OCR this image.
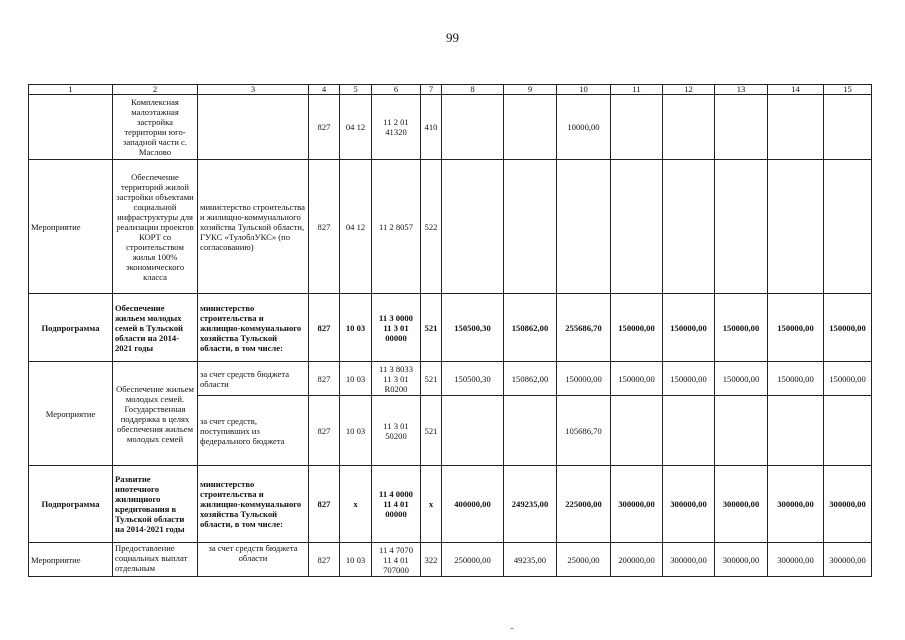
99
1	2	3	4	5	6	7	8	9	10	11	12	13	14	15
	Комплексная малоэтажная застройка территории юго-западной части с. Маслово		827	04 12	11 2 01 41320	410			10000,00					
Мероприятие	Обеспечение территорий жилой застройки объектами социальной инфраструктуры для реализации проектов КОРТ со строительством жилья 100% экономического класса	министерство строительства и жилищно-коммунального хозяйства Тульской области, ГУКС «ТулоблУКС» (по согласованию)	827	04 12	11 2 8057	522								
Подпрограмма	Обеспечение жильем молодых семей в Тульской области на 2014-2021 годы	министерство строительства и жилищно-коммунального хозяйства Тульской области, в том числе:	827	10 03	11 3 0000 11 3 01 00000	521	150500,30	150862,00	255686,70	150000,00	150000,00	150000,00	150000,00	150000,00
Мероприятие	Обеспечение жильем молодых семей. Государственная поддержка в целях обеспечения жильем молодых семей	за счет средств бюджета области	827	10 03	11 3 8033 11 3 01 R0200	521	150500,30	150862,00	150000,00	150000,00	150000,00	150000,00	150000,00	150000,00
		за счет средств, поступивших из федерального бюджета	827	10 03	11 3 01 50200	521			105686,70					
Подпрограмма	Развитие ипотечного жилищного кредитования в Тульской области на 2014-2021 годы	министерство строительства и жилищно-коммунального хозяйства Тульской области, в том числе:	827	х	11 4 0000 11 4 01 00000	х	400000,00	249235,00	225000,00	300000,00	300000,00	300000,00	300000,00	300000,00
Мероприятие	Предоставление социальных выплат отдельным	за счет средств бюджета области	827	10 03	11 4 7070 11 4 01 707000	322	250000,00	49235,00	25000,00	200000,00	300000,00	300000,00	300000,00	300000,00
